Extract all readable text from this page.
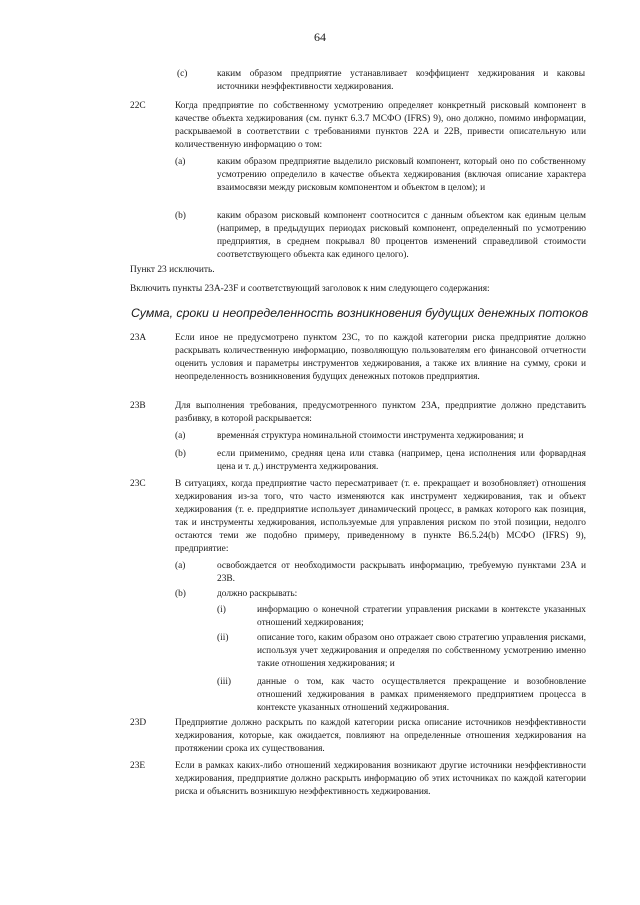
64
(c)	каким образом предприятие устанавливает коэффициент хеджирования и каковы источники неэффективности хеджирования.
22C	Когда предприятие по собственному усмотрению определяет конкретный рисковый компонент в качестве объекта хеджирования (см. пункт 6.3.7 МСФО (IFRS) 9), оно должно, помимо информации, раскрываемой в соответствии с требованиями пунктов 22A и 22B, привести описательную или количественную информацию о том:
(a)	каким образом предприятие выделило рисковый компонент, который оно по собственному усмотрению определило в качестве объекта хеджирования (включая описание характера взаимосвязи между рисковым компонентом и объектом в целом); и
(b)	каким образом рисковый компонент соотносится с данным объектом как единым целым (например, в предыдущих периодах рисковый компонент, определенный по усмотрению предприятия, в среднем покрывал 80 процентов изменений справедливой стоимости соответствующего объекта как единого целого).
Пункт 23 исключить.
Включить пункты 23A-23F и соответствующий заголовок к ним следующего содержания:
Сумма, сроки и неопределенность возникновения будущих денежных потоков
23A	Если иное не предусмотрено пунктом 23C, то по каждой категории риска предприятие должно раскрывать количественную информацию, позволяющую пользователям его финансовой отчетности оценить условия и параметры инструментов хеджирования, а также их влияние на сумму, сроки и неопределенность возникновения будущих денежных потоков предприятия.
23B	Для выполнения требования, предусмотренного пунктом 23A, предприятие должно представить разбивку, в которой раскрывается:
(a)	временна́я структура номинальной стоимости инструмента хеджирования; и
(b)	если применимо, средняя цена или ставка (например, цена исполнения или форвардная цена и т. д.) инструмента хеджирования.
23C	В ситуациях, когда предприятие часто пересматривает (т. е. прекращает и возобновляет) отношения хеджирования из-за того, что часто изменяются как инструмент хеджирования, так и объект хеджирования (т. е. предприятие использует динамический процесс, в рамках которого как позиция, так и инструменты хеджирования, используемые для управления риском по этой позиции, недолго остаются теми же подобно примеру, приведенному в пункте B6.5.24(b) МСФО (IFRS) 9), предприятие:
(a)	освобождается от необходимости раскрывать информацию, требуемую пунктами 23A и 23B.
(b)	должно раскрывать:
(i)	информацию о конечной стратегии управления рисками в контексте указанных отношений хеджирования;
(ii)	описание того, каким образом оно отражает свою стратегию управления рисками, используя учет хеджирования и определяя по собственному усмотрению именно такие отношения хеджирования; и
(iii)	данные о том, как часто осуществляется прекращение и возобновление отношений хеджирования в рамках применяемого предприятием процесса в контексте указанных отношений хеджирования.
23D	Предприятие должно раскрыть по каждой категории риска описание источников неэффективности хеджирования, которые, как ожидается, повлияют на определенные отношения хеджирования на протяжении срока их существования.
23E	Если в рамках каких-либо отношений хеджирования возникают другие источники неэффективности хеджирования, предприятие должно раскрыть информацию об этих источниках по каждой категории риска и объяснить возникшую неэффективность хеджирования.
